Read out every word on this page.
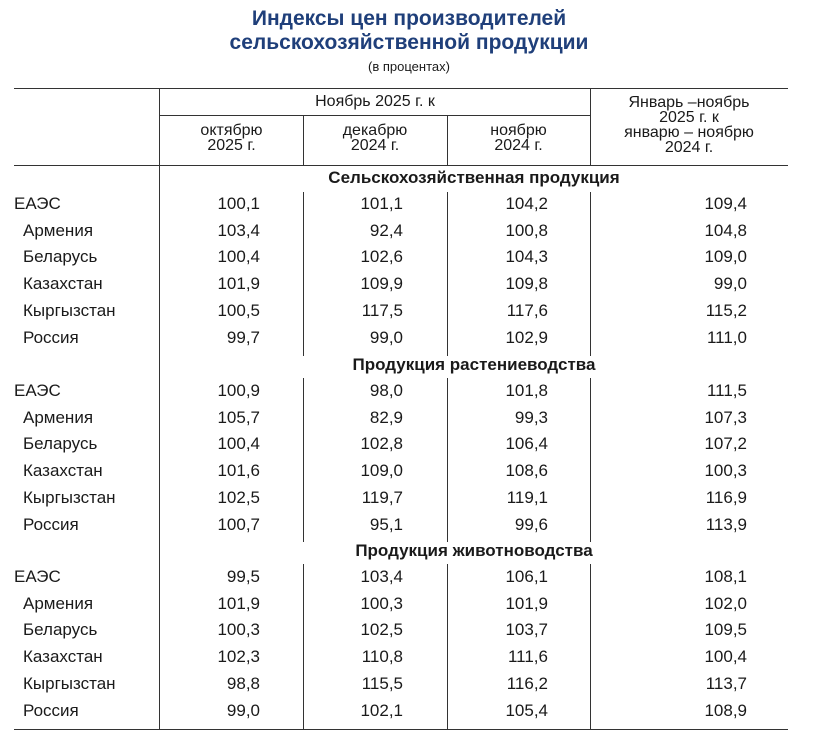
Индексы цен производителей
сельскохозяйственной продукции
(в процентах)
Ноябрь 2025 г. к
октябрю
2025 г.
декабрю
2024 г.
ноябрю
2024 г.
Январь –ноябрь
2025 г. к
январю – ноябрю
2024 г.
Сельскохозяйственная продукция
ЕАЭС	100,1	101,1	104,2	109,4
Армения	103,4	92,4	100,8	104,8
Беларусь	100,4	102,6	104,3	109,0
Казахстан	101,9	109,9	109,8	99,0
Кыргызстан	100,5	117,5	117,6	115,2
Россия	99,7	99,0	102,9	111,0
Продукция растениеводства
ЕАЭС	100,9	98,0	101,8	111,5
Армения	105,7	82,9	99,3	107,3
Беларусь	100,4	102,8	106,4	107,2
Казахстан	101,6	109,0	108,6	100,3
Кыргызстан	102,5	119,7	119,1	116,9
Россия	100,7	95,1	99,6	113,9
Продукция животноводства
ЕАЭС	99,5	103,4	106,1	108,1
Армения	101,9	100,3	101,9	102,0
Беларусь	100,3	102,5	103,7	109,5
Казахстан	102,3	110,8	111,6	100,4
Кыргызстан	98,8	115,5	116,2	113,7
Россия	99,0	102,1	105,4	108,9
